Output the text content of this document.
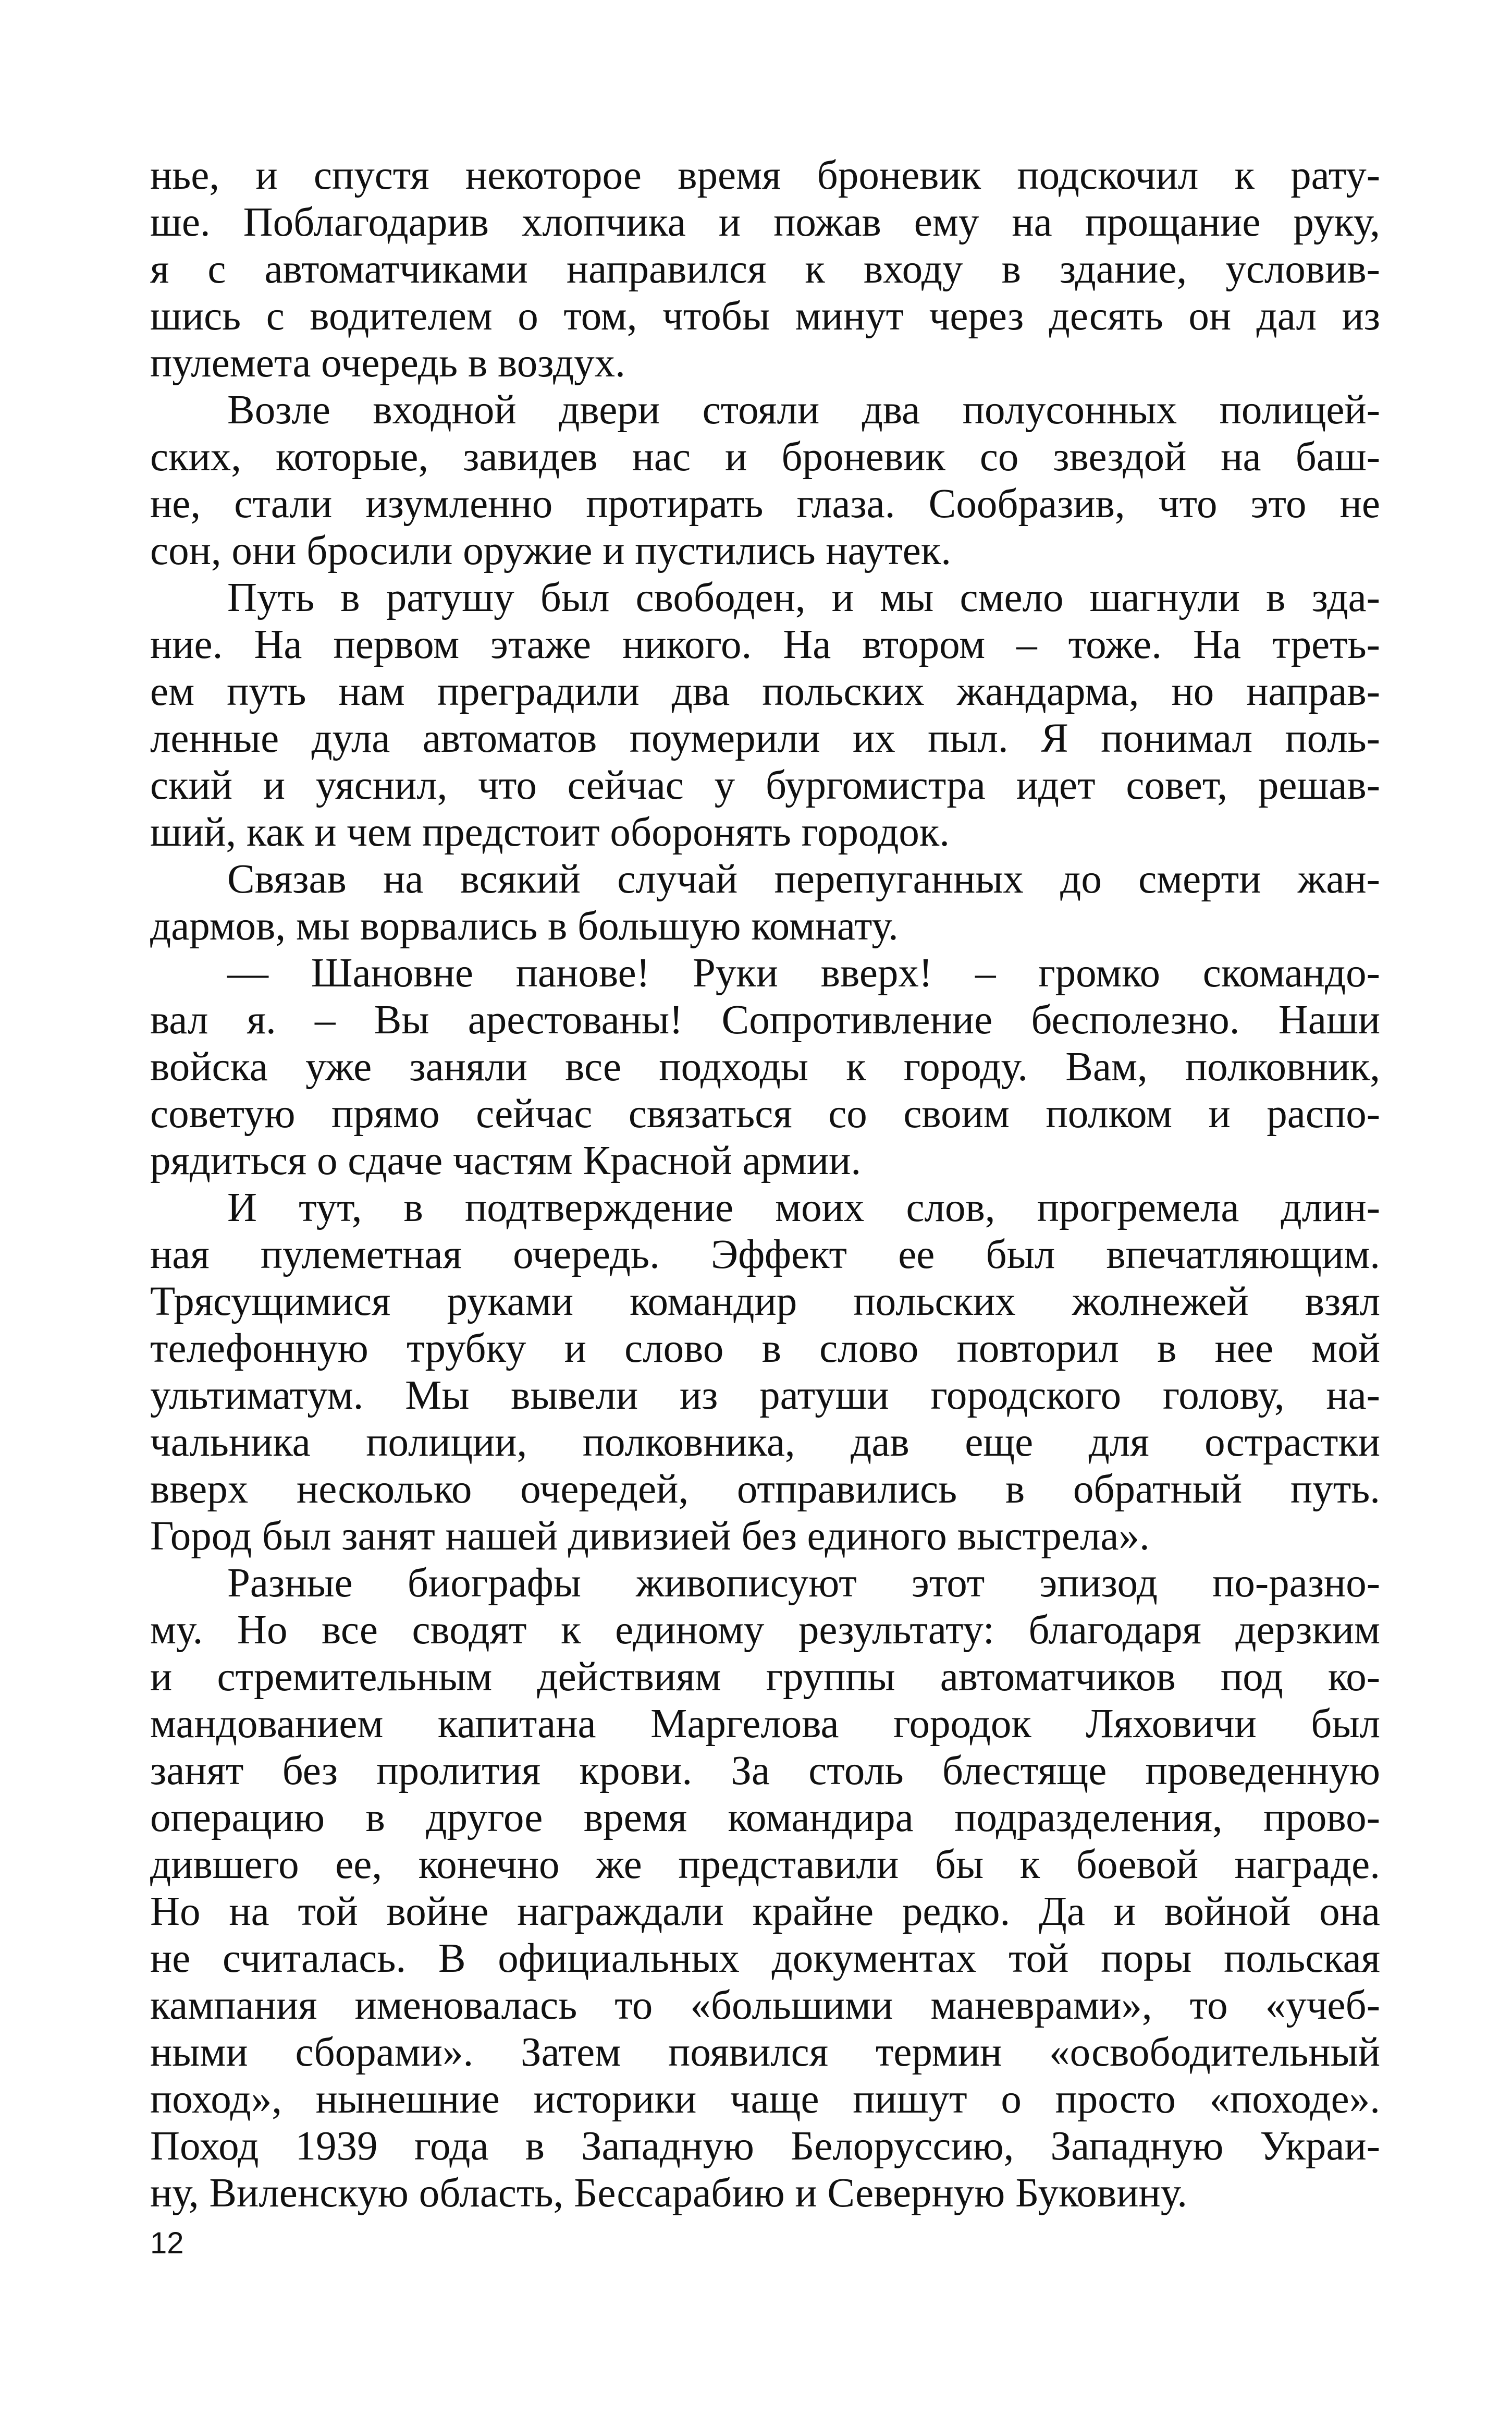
нье, и спустя некоторое время броневик подскочил к рату-
ше. Поблагодарив хлопчика и пожав ему на прощание руку,
я с автоматчиками направился к входу в здание, условив-
шись с водителем о том, чтобы минут через десять он дал из
пулемета очередь в воздух.
Возле входной двери стояли два полусонных полицей-
ских, которые, завидев нас и броневик со звездой на баш-
не, стали изумленно протирать глаза. Сообразив, что это не
сон, они бросили оружие и пустились наутек.
Путь в ратушу был свободен, и мы смело шагнули в зда-
ние. На первом этаже никого. На втором – тоже. На треть-
ем путь нам преградили два польских жандарма, но направ-
ленные дула автоматов поумерили их пыл. Я понимал поль-
ский и уяснил, что сейчас у бургомистра идет совет, решав-
ший, как и чем предстоит оборонять городок.
Связав на всякий случай перепуганных до смерти жан-
дармов, мы ворвались в большую комнату.
— Шановне панове! Руки вверх! – громко скомандо-
вал я. – Вы арестованы! Сопротивление бесполезно. Наши
войска уже заняли все подходы к городу. Вам, полковник,
советую прямо сейчас связаться со своим полком и распо-
рядиться о сдаче частям Красной армии.
И тут, в подтверждение моих слов, прогремела длин-
ная пулеметная очередь. Эффект ее был впечатляющим.
Трясущимися руками командир польских жолнежей взял
телефонную трубку и слово в слово повторил в нее мой
ультиматум. Мы вывели из ратуши городского голову, на-
чальника полиции, полковника, дав еще для острастки
вверх несколько очередей, отправились в обратный путь.
Город был занят нашей дивизией без единого выстрела».
Разные биографы живописуют этот эпизод по-разно-
му. Но все сводят к единому результату: благодаря дерзким
и стремительным действиям группы автоматчиков под ко-
мандованием капитана Маргелова городок Ляховичи был
занят без пролития крови. За столь блестяще проведенную
операцию в другое время командира подразделения, прово-
дившего ее, конечно же представили бы к боевой награде.
Но на той войне награждали крайне редко. Да и войной она
не считалась. В официальных документах той поры польская
кампания именовалась то «большими маневрами», то «учеб-
ными сборами». Затем появился термин «освободительный
поход», нынешние историки чаще пишут о просто «походе».
Поход 1939 года в Западную Белоруссию, Западную Украи-
ну, Виленскую область, Бессарабию и Северную Буковину.
12
